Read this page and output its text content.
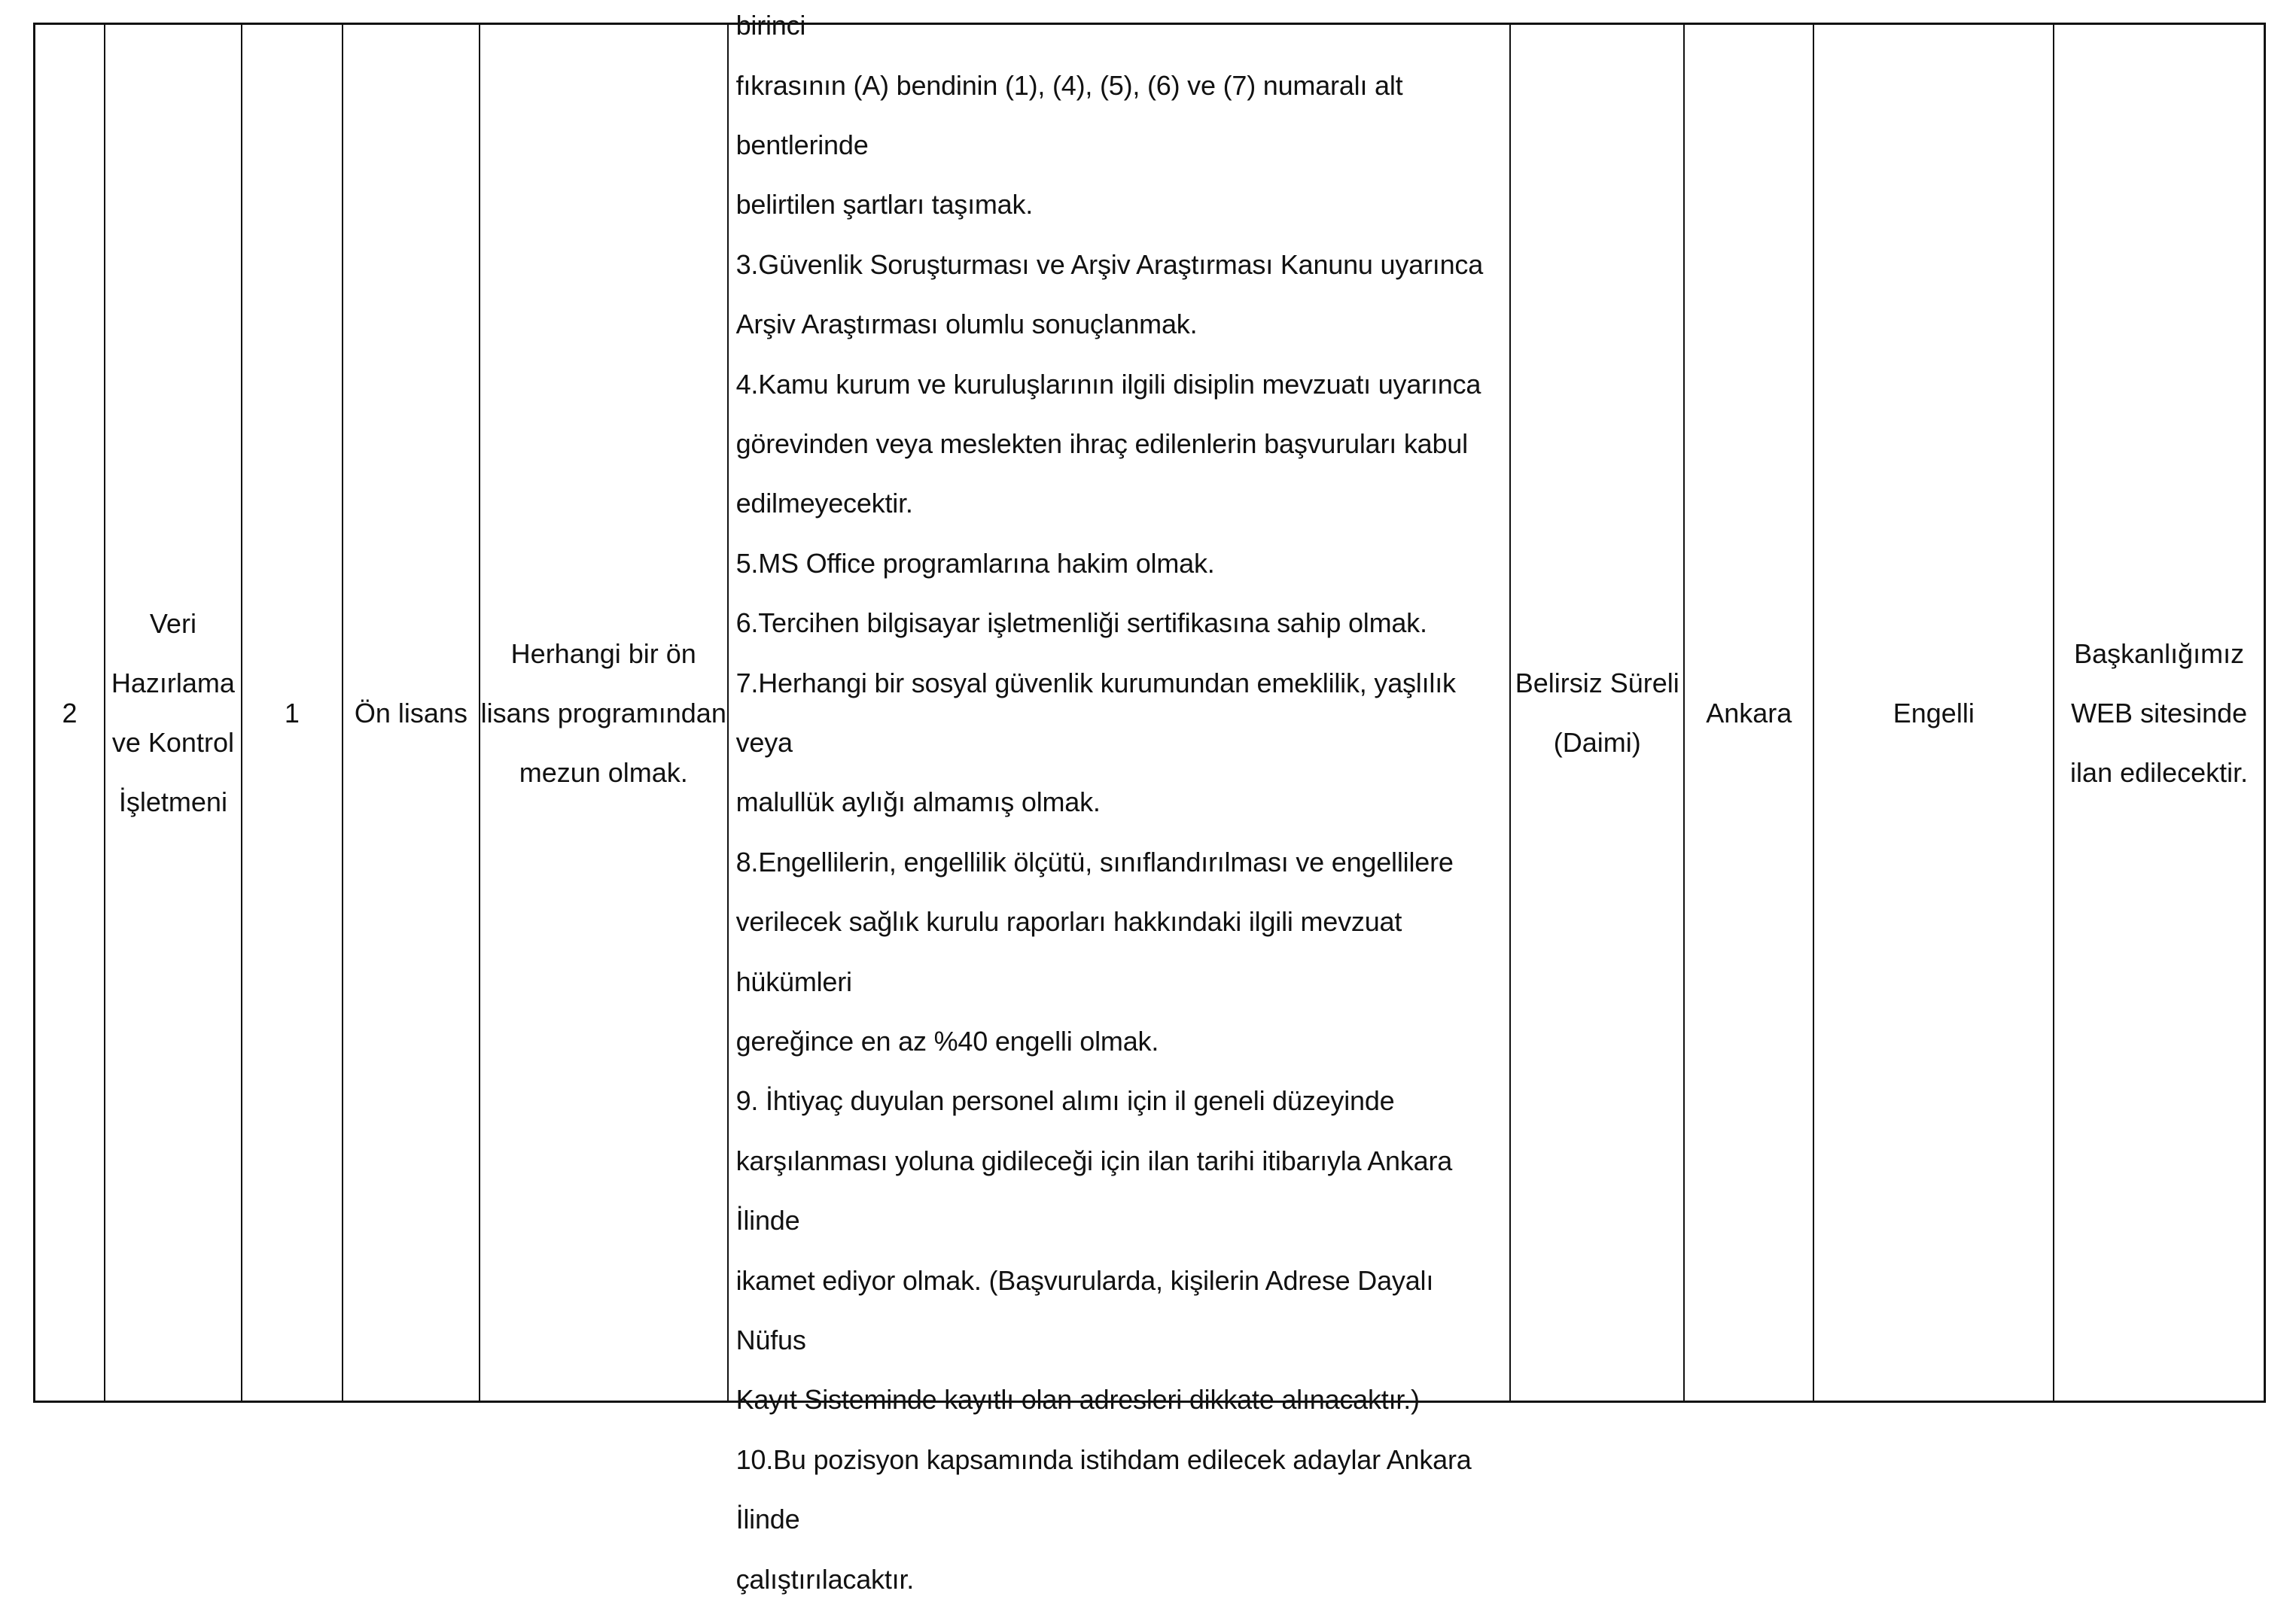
2
Veri
Hazırlama
ve Kontrol
İşletmeni
1 Ön lisans
Herhangi bir ön
lisans programından
mezun olmak.
birinci
fıkrasının (A) bendinin (1), (4), (5), (6) ve (7) numaralı alt bentlerinde
belirtilen şartları taşımak.
3.Güvenlik Soruşturması ve Arşiv Araştırması Kanunu uyarınca
Arşiv Araştırması olumlu sonuçlanmak.
4.Kamu kurum ve kuruluşlarının ilgili disiplin mevzuatı uyarınca
görevinden veya meslekten ihraç edilenlerin başvuruları kabul
edilmeyecektir.
5.MS Office programlarına hakim olmak.
6.Tercihen bilgisayar işletmenliği sertifikasına sahip olmak.
7.Herhangi bir sosyal güvenlik kurumundan emeklilik, yaşlılık veya
malullük aylığı almamış olmak.
8.Engellilerin, engellilik ölçütü, sınıflandırılması ve engellilere
verilecek sağlık kurulu raporları hakkındaki ilgili mevzuat hükümleri
gereğince en az %40 engelli olmak.
9. İhtiyaç duyulan personel alımı için il geneli düzeyinde
karşılanması yoluna gidileceği için ilan tarihi itibarıyla Ankara İlinde
ikamet ediyor olmak. (Başvurularda, kişilerin Adrese Dayalı Nüfus
Kayıt Sisteminde kayıtlı olan adresleri dikkate alınacaktır.)
10.Bu pozisyon kapsamında istihdam edilecek adaylar Ankara İlinde
çalıştırılacaktır.
Belirsiz Süreli
(Daimi)
Ankara	Engelli
Başkanlığımız
WEB sitesinde
ilan edilecektir.
